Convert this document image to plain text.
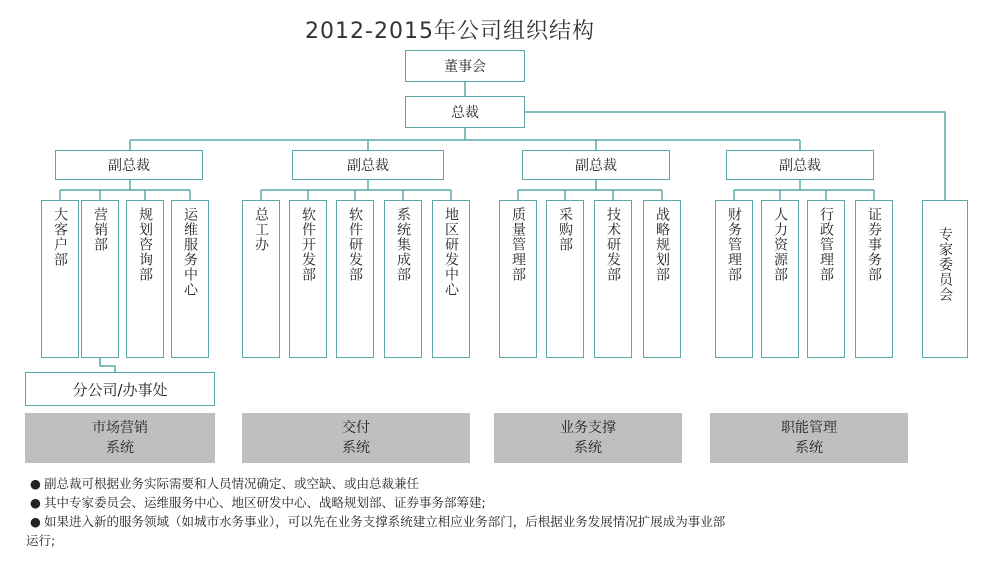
2012-2015年公司组织结构
董事会
总裁
副总裁	副总裁	副总裁	副总裁
大客户部 营销部 规划咨询部 运维服务中心	总工办 软件开发部 软件研发部 系统集成部 地区研发中心	质量管理部 采购部 技术研发部 战略规划部	财务管理部 人力资源部 行政管理部 证券事务部	专家委员会
分公司/办事处
市场营销
系统
交付
系统
业务支撑
系统
职能管理
系统
● 副总裁可根据业务实际需要和人员情况确定、或空缺、或由总裁兼任
● 其中专家委员会、运维服务中心、地区研发中心、战略规划部、证券事务部筹建;
● 如果进入新的服务领域（如城市水务事业），可以先在业务支撑系统建立相应业务部门，后根据业务发展情况扩展成为事业部
运行;
